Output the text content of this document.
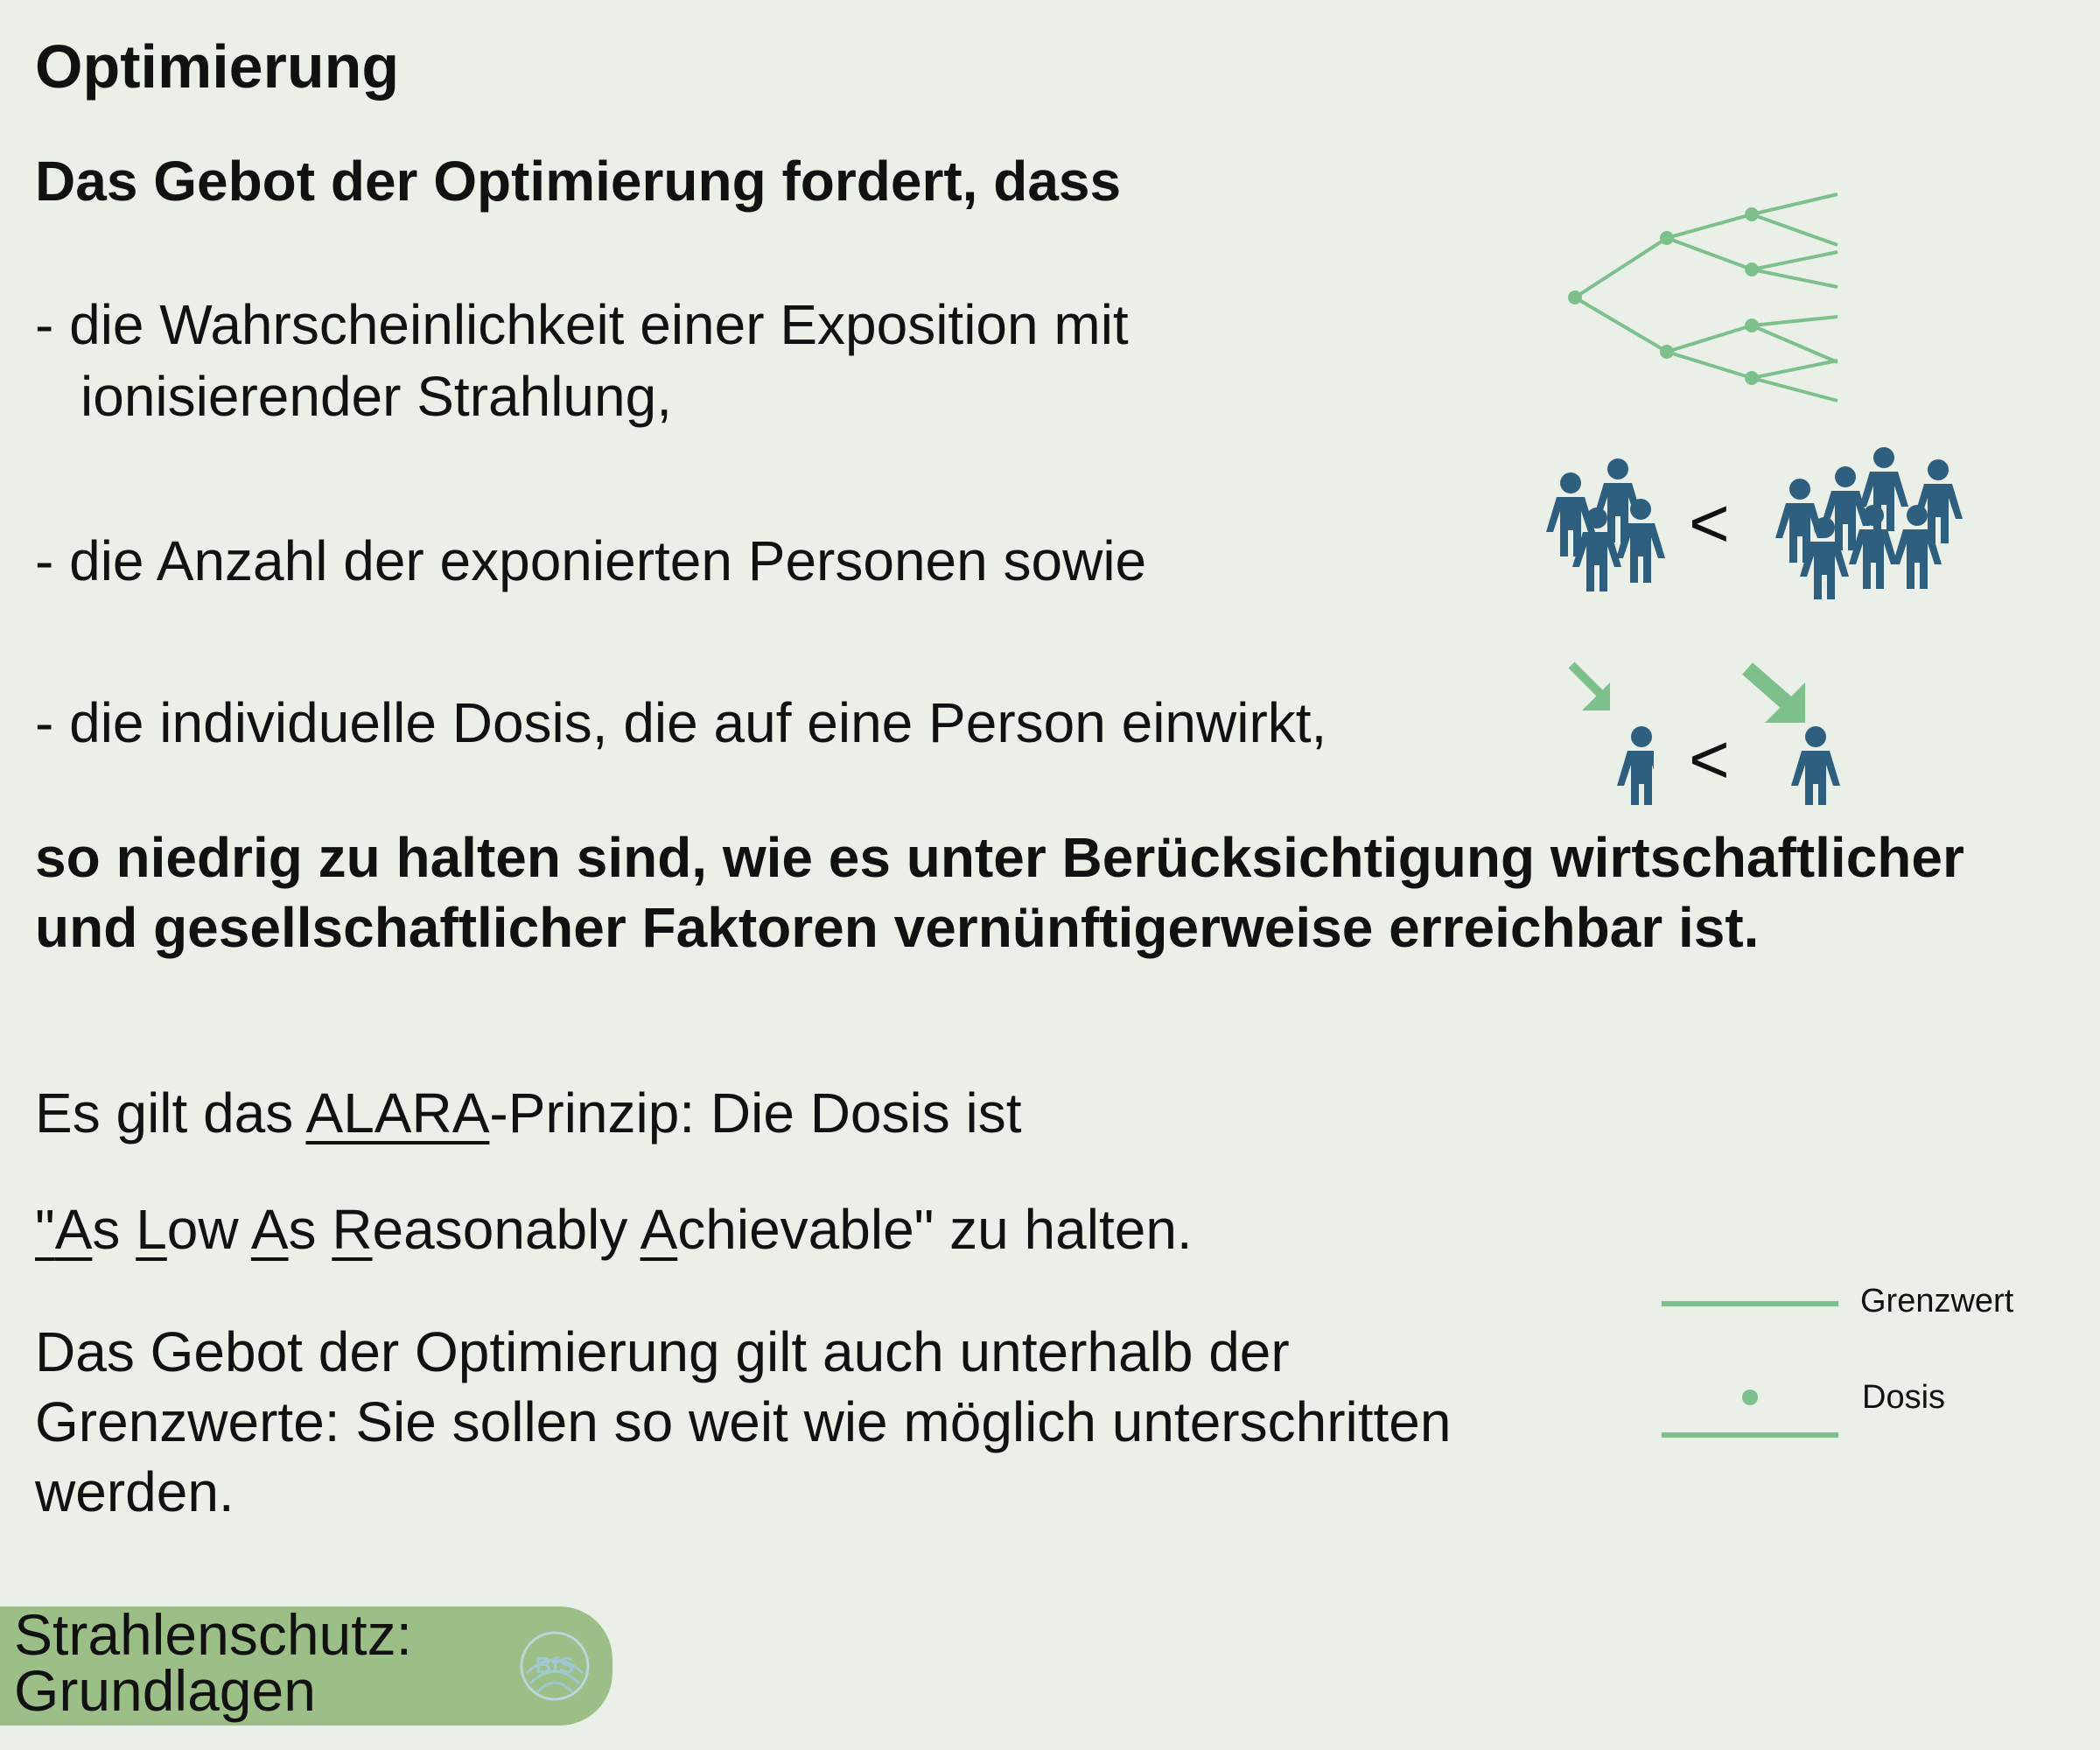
Optimierung
Das Gebot der Optimierung fordert, dass
- die Wahrscheinlichkeit einer Exposition mit
ionisierender Strahlung,
- die Anzahl der exponierten Personen sowie
- die individuelle Dosis, die auf eine Person einwirkt,
so niedrig zu halten sind, wie es unter Berücksichtigung wirtschaftlicher und gesellschaftlicher Faktoren vernünftigerweise erreichbar ist.
Es gilt das ALARA-Prinzip: Die Dosis ist
"As Low As Reasonably Achievable" zu halten.
Das Gebot der Optimierung gilt auch unterhalb der Grenzwerte: Sie sollen so weit wie möglich unterschritten werden.
<
<
Grenzwert
Dosis
Strahlenschutz:
Grundlagen	BfS
